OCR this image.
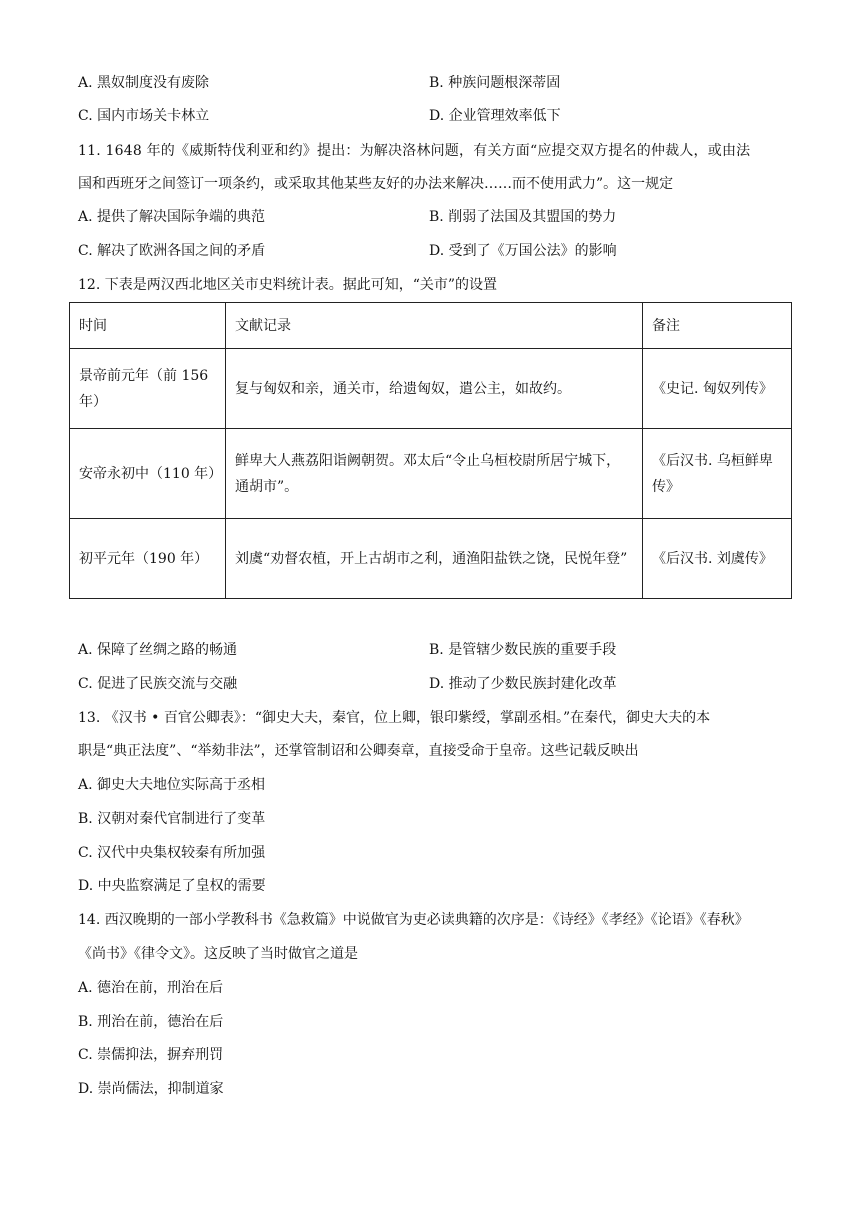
A. 黑奴制度没有废除	B. 种族问题根深蒂固
C. 国内市场关卡林立	D. 企业管理效率低下
11. 1648 年的《威斯特伐利亚和约》提出：为解决洛林问题，有关方面“应提交双方提名的仲裁人，或由法
国和西班牙之间签订一项条约，或采取其他某些友好的办法来解决……而不使用武力”。这一规定
A. 提供了解决国际争端的典范	B. 削弱了法国及其盟国的势力
C. 解决了欧洲各国之间的矛盾	D. 受到了《万国公法》的影响
12. 下表是两汉西北地区关市史料统计表。据此可知，“关市”的设置
时间	文献记录	备注
景帝前元年（前 156 年）	复与匈奴和亲，通关市，给遗匈奴，遣公主，如故约。	《史记. 匈奴列传》
安帝永初中（110 年）	鲜卑大人燕荔阳诣阙朝贺。邓太后“令止乌桓校尉所居宁城下，通胡市”。	《后汉书. 乌桓鲜卑传》
初平元年（190 年）	刘虞“劝督农植，开上古胡市之利，通渔阳盐铁之饶，民悦年登”	《后汉书. 刘虞传》
A. 保障了丝绸之路的畅通	B. 是管辖少数民族的重要手段
C. 促进了民族交流与交融	D. 推动了少数民族封建化改革
13. 《汉书 • 百官公卿表》：“御史大夫，秦官，位上卿，银印紫绶，掌副丞相。”在秦代，御史大夫的本
职是“典正法度”、“举劾非法”，还掌管制诏和公卿奏章，直接受命于皇帝。这些记载反映出
A. 御史大夫地位实际高于丞相
B. 汉朝对秦代官制进行了变革
C. 汉代中央集权较秦有所加强
D. 中央监察满足了皇权的需要
14. 西汉晚期的一部小学教科书《急救篇》中说做官为吏必读典籍的次序是：《诗经》《孝经》《论语》《春秋》
《尚书》《律令文》。这反映了当时做官之道是
A. 德治在前，刑治在后
B. 刑治在前，德治在后
C. 崇儒抑法，摒弃刑罚
D. 崇尚儒法，抑制道家
